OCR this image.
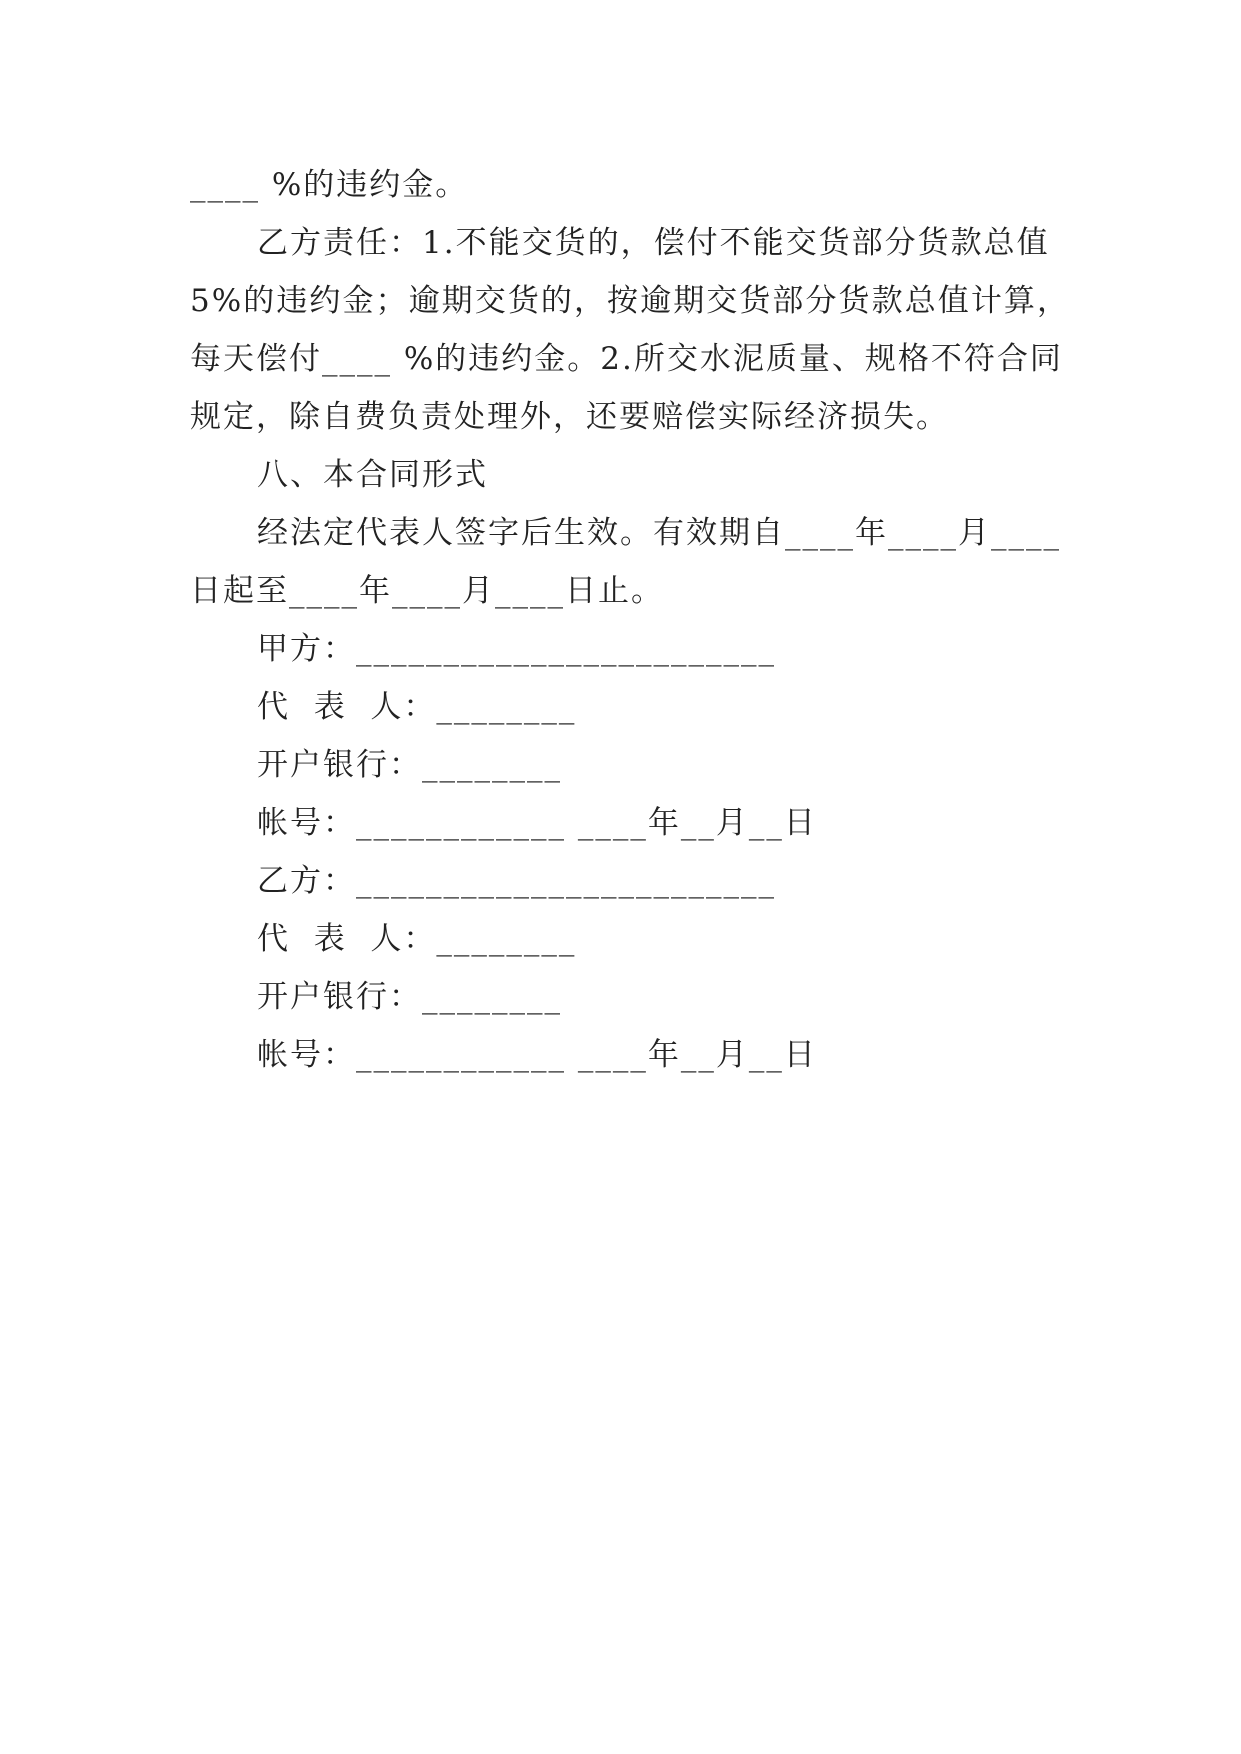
____ %的违约金。
乙方责任：1.不能交货的，偿付不能交货部分货款总值
5%的违约金；逾期交货的，按逾期交货部分货款总值计算，
每天偿付____ %的违约金。2.所交水泥质量、规格不符合同
规定，除自费负责处理外，还要赔偿实际经济损失。
八、本合同形式
经法定代表人签字后生效。有效期自____年____月____
日起至____年____月____日止。
甲方：________________________
代  表  人：________
开户银行：________
帐号：____________ ____年__月__日
乙方：________________________
代  表  人：________
开户银行：________
帐号：____________ ____年__月__日
